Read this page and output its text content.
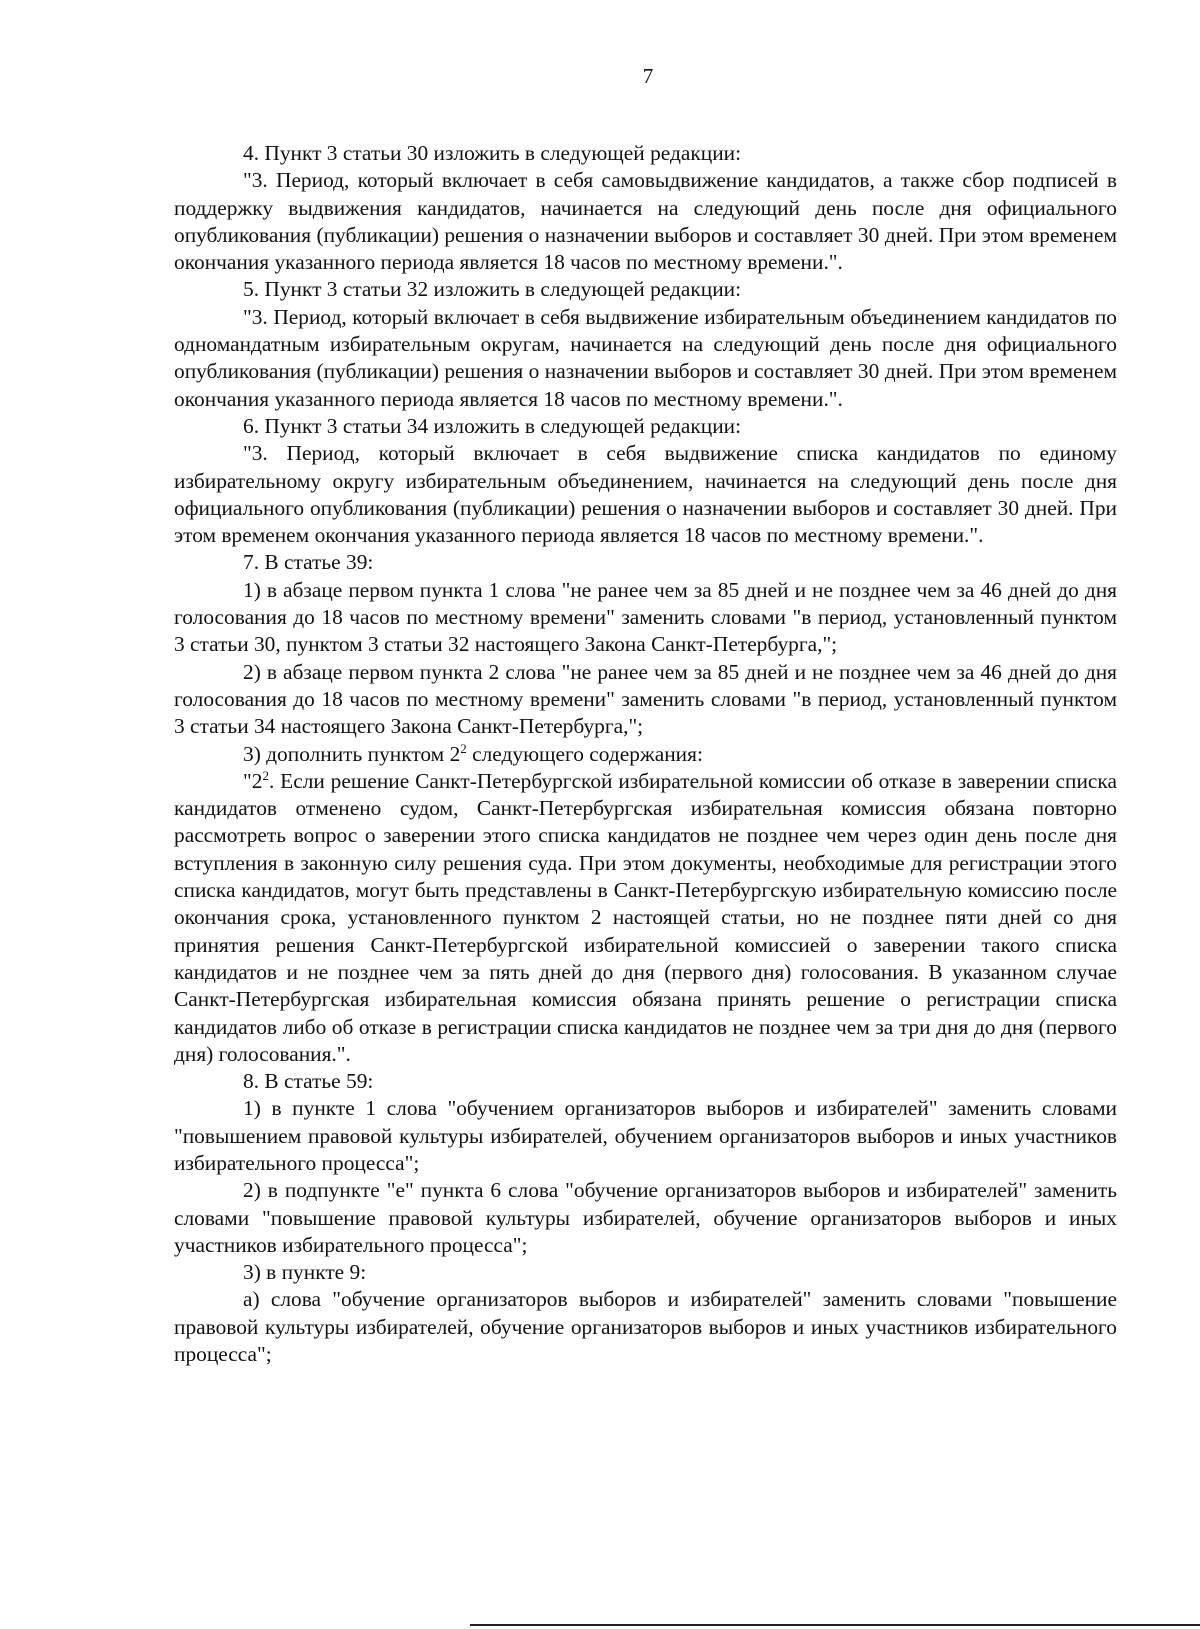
7

4. Пункт 3 статьи 30 изложить в следующей редакции:

"3. Период, который включает в себя самовыдвижение кандидатов, а также сбор подписей в поддержку выдвижения кандидатов, начинается на следующий день после дня официального опубликования (публикации) решения о назначении выборов и составляет 30 дней. При этом временем окончания указанного периода является 18 часов по местному времени.".

5. Пункт 3 статьи 32 изложить в следующей редакции:

"3. Период, который включает в себя выдвижение избирательным объединением кандидатов по одномандатным избирательным округам, начинается на следующий день после дня официального опубликования (публикации) решения о назначении выборов и составляет 30 дней. При этом временем окончания указанного периода является 18 часов по местному времени.".

6. Пункт 3 статьи 34 изложить в следующей редакции:

"3. Период, который включает в себя выдвижение списка кандидатов по единому избирательному округу избирательным объединением, начинается на следующий день после дня официального опубликования (публикации) решения о назначении выборов и составляет 30 дней. При этом временем окончания указанного периода является 18 часов по местному времени.".

7. В статье 39:

1) в абзаце первом пункта 1 слова "не ранее чем за 85 дней и не позднее чем за 46 дней до дня голосования до 18 часов по местному времени" заменить словами "в период, установленный пунктом 3 статьи 30, пунктом 3 статьи 32 настоящего Закона Санкт-Петербурга,";

2) в абзаце первом пункта 2 слова "не ранее чем за 85 дней и не позднее чем за 46 дней до дня голосования до 18 часов по местному времени" заменить словами "в период, установленный пунктом 3 статьи 34 настоящего Закона Санкт-Петербурга,";

3) дополнить пунктом $2^2$ следующего содержания:

"$2^2$. Если решение Санкт-Петербургской избирательной комиссии об отказе в заверении списка кандидатов отменено судом, Санкт-Петербургская избирательная комиссия обязана повторно рассмотреть вопрос о заверении этого списка кандидатов не позднее чем через один день после дня вступления в законную силу решения суда. При этом документы, необходимые для регистрации этого списка кандидатов, могут быть представлены в Санкт-Петербургскую избирательную комиссию после окончания срока, установленного пунктом 2 настоящей статьи, но не позднее пяти дней со дня принятия решения Санкт-Петербургской избирательной комиссией о заверении такого списка кандидатов и не позднее чем за пять дней до дня (первого дня) голосования. В указанном случае Санкт-Петербургская избирательная комиссия обязана принять решение о регистрации списка кандидатов либо об отказе в регистрации списка кандидатов не позднее чем за три дня до дня (первого дня) голосования.".

8. В статье 59:

1) в пункте 1 слова "обучением организаторов выборов и избирателей" заменить словами "повышением правовой культуры избирателей, обучением организаторов выборов и иных участников избирательного процесса";

2) в подпункте "е" пункта 6 слова "обучение организаторов выборов и избирателей" заменить словами "повышение правовой культуры избирателей, обучение организаторов выборов и иных участников избирательного процесса";

3) в пункте 9:

а) слова "обучение организаторов выборов и избирателей" заменить словами "повышение правовой культуры избирателей, обучение организаторов выборов и иных участников избирательного процесса";
